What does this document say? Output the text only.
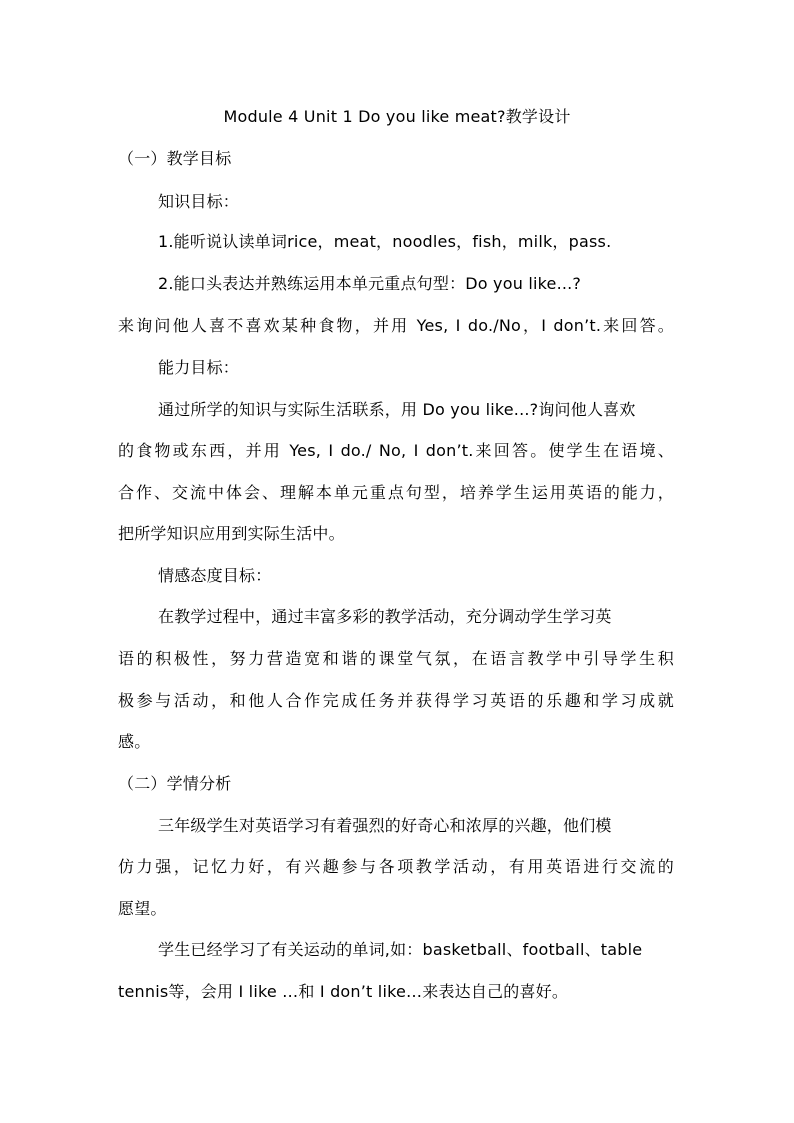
Module 4 Unit 1 Do you like meat?教学设计
（一）教学目标
知识目标：
1.能听说认读单词rice，meat，noodles，fish，milk，pass.
2.能口头表达并熟练运用本单元重点句型：Do you like...?
来询问他人喜不喜欢某种食物，并用 Yes, I do./No，I don’t.来回答。
能力目标：
通过所学的知识与实际生活联系，用 Do you like...?询问他人喜欢
的食物或东西，并用 Yes, I do./ No, I don’t.来回答。使学生在语境、
合作、交流中体会、理解本单元重点句型，培养学生运用英语的能力，
把所学知识应用到实际生活中。
情感态度目标：
在教学过程中，通过丰富多彩的教学活动，充分调动学生学习英
语的积极性，努力营造宽和谐的课堂气氛，在语言教学中引导学生积
极参与活动，和他人合作完成任务并获得学习英语的乐趣和学习成就
感。
（二）学情分析
三年级学生对英语学习有着强烈的好奇心和浓厚的兴趣，他们模
仿力强，记忆力好，有兴趣参与各项教学活动，有用英语进行交流的
愿望。
学生已经学习了有关运动的单词,如：basketball、football、table
tennis等，会用 I like …和 I don’t like…来表达自己的喜好。
